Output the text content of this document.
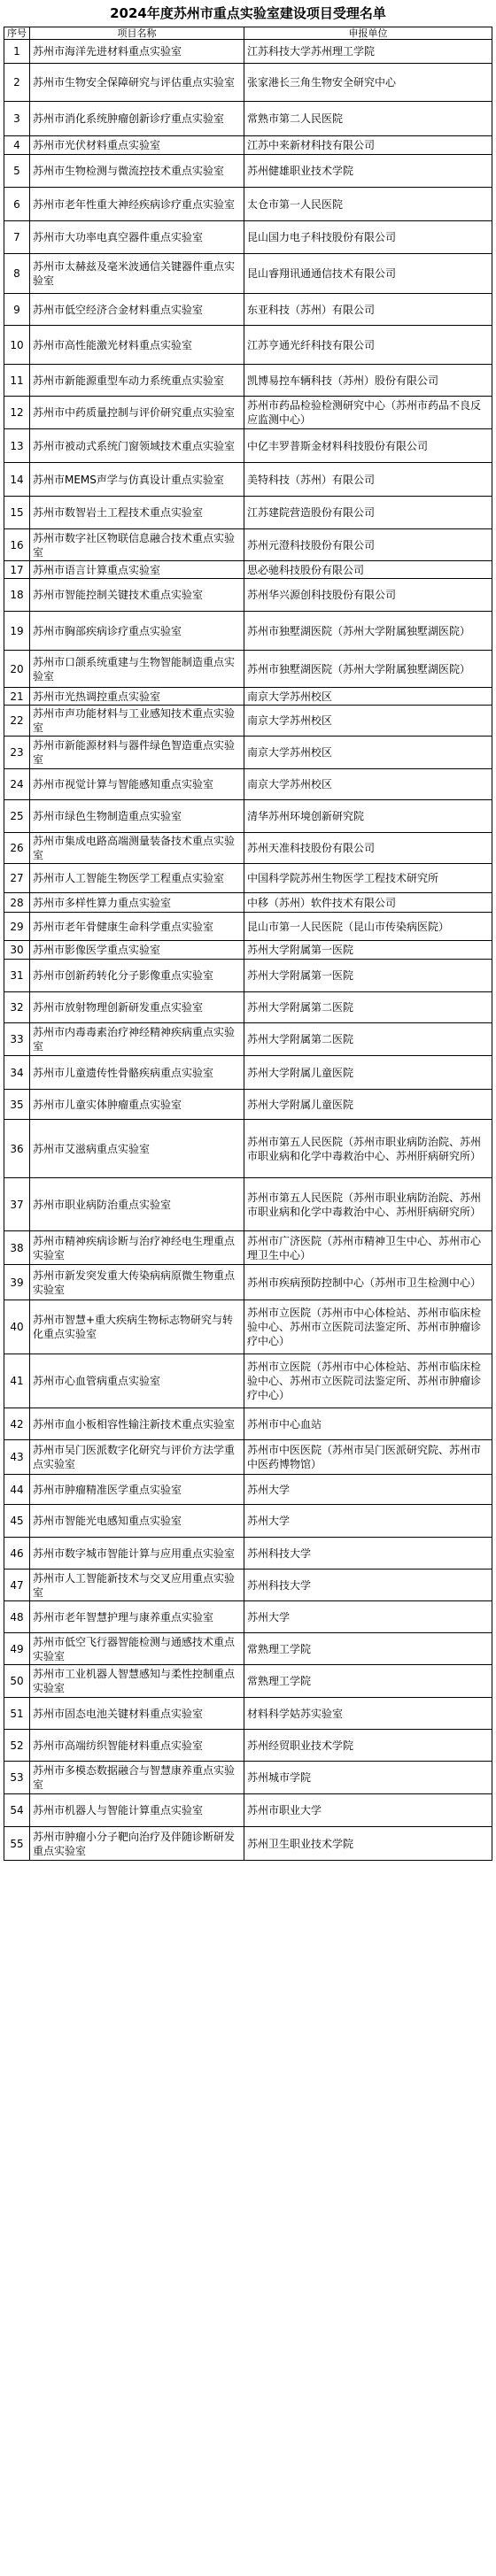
2024年度苏州市重点实验室建设项目受理名单
序号	项目名称	申报单位
1	苏州市海洋先进材料重点实验室	江苏科技大学苏州理工学院
2	苏州市生物安全保障研究与评估重点实验室	张家港长三角生物安全研究中心
3	苏州市消化系统肿瘤创新诊疗重点实验室	常熟市第二人民医院
4	苏州市光伏材料重点实验室	江苏中来新材科技有限公司
5	苏州市生物检测与微流控技术重点实验室	苏州健雄职业技术学院
6	苏州市老年性重大神经疾病诊疗重点实验室	太仓市第一人民医院
7	苏州市大功率电真空器件重点实验室	昆山国力电子科技股份有限公司
8	苏州市太赫兹及毫米波通信关键器件重点实验室	昆山睿翔讯通通信技术有限公司
9	苏州市低空经济合金材料重点实验室	东亚科技（苏州）有限公司
10	苏州市高性能激光材料重点实验室	江苏亨通光纤科技有限公司
11	苏州市新能源重型车动力系统重点实验室	凯博易控车辆科技（苏州）股份有限公司
12	苏州市中药质量控制与评价研究重点实验室	苏州市药品检验检测研究中心（苏州市药品不良反应监测中心）
13	苏州市被动式系统门窗领域技术重点实验室	中亿丰罗普斯金材料科技股份有限公司
14	苏州市MEMS声学与仿真设计重点实验室	美特科技（苏州）有限公司
15	苏州市数智岩土工程技术重点实验室	江苏建院营造股份有限公司
16	苏州市数字社区物联信息融合技术重点实验室	苏州元澄科技股份有限公司
17	苏州市语言计算重点实验室	思必驰科技股份有限公司
18	苏州市智能控制关键技术重点实验室	苏州华兴源创科技股份有限公司
19	苏州市胸部疾病诊疗重点实验室	苏州市独墅湖医院（苏州大学附属独墅湖医院）
20	苏州市口颌系统重建与生物智能制造重点实验室	苏州市独墅湖医院（苏州大学附属独墅湖医院）
21	苏州市光热调控重点实验室	南京大学苏州校区
22	苏州市声功能材料与工业感知技术重点实验室	南京大学苏州校区
23	苏州市新能源材料与器件绿色智造重点实验室	南京大学苏州校区
24	苏州市视觉计算与智能感知重点实验室	南京大学苏州校区
25	苏州市绿色生物制造重点实验室	清华苏州环境创新研究院
26	苏州市集成电路高端测量装备技术重点实验室	苏州天准科技股份有限公司
27	苏州市人工智能生物医学工程重点实验室	中国科学院苏州生物医学工程技术研究所
28	苏州市多样性算力重点实验室	中移（苏州）软件技术有限公司
29	苏州市老年骨健康生命科学重点实验室	昆山市第一人民医院（昆山市传染病医院）
30	苏州市影像医学重点实验室	苏州大学附属第一医院
31	苏州市创新药转化分子影像重点实验室	苏州大学附属第一医院
32	苏州市放射物理创新研发重点实验室	苏州大学附属第二医院
33	苏州市内毒毒素治疗神经精神疾病重点实验室	苏州大学附属第二医院
34	苏州市儿童遗传性骨骼疾病重点实验室	苏州大学附属儿童医院
35	苏州市儿童实体肿瘤重点实验室	苏州大学附属儿童医院
36	苏州市艾滋病重点实验室	苏州市第五人民医院（苏州市职业病防治院、苏州市职业病和化学中毒救治中心、苏州肝病研究所）
37	苏州市职业病防治重点实验室	苏州市第五人民医院（苏州市职业病防治院、苏州市职业病和化学中毒救治中心、苏州肝病研究所）
38	苏州市精神疾病诊断与治疗神经电生理重点实验室	苏州市广济医院（苏州市精神卫生中心、苏州市心理卫生中心）
39	苏州市新发突发重大传染病病原微生物重点实验室	苏州市疾病预防控制中心（苏州市卫生检测中心）
40	苏州市智慧+重大疾病生物标志物研究与转化重点实验室	苏州市立医院（苏州市中心体检站、苏州市临床检验中心、苏州市立医院司法鉴定所、苏州市肿瘤诊疗中心）
41	苏州市心血管病重点实验室	苏州市立医院（苏州市中心体检站、苏州市临床检验中心、苏州市立医院司法鉴定所、苏州市肿瘤诊疗中心）
42	苏州市血小板相容性输注新技术重点实验室	苏州市中心血站
43	苏州市吴门医派数字化研究与评价方法学重点实验室	苏州市中医医院（苏州市吴门医派研究院、苏州市中医药博物馆）
44	苏州市肿瘤精准医学重点实验室	苏州大学
45	苏州市智能光电感知重点实验室	苏州大学
46	苏州市数字城市智能计算与应用重点实验室	苏州科技大学
47	苏州市人工智能新技术与交叉应用重点实验室	苏州科技大学
48	苏州市老年智慧护理与康养重点实验室	苏州大学
49	苏州市低空飞行器智能检测与通感技术重点实验室	常熟理工学院
50	苏州市工业机器人智慧感知与柔性控制重点实验室	常熟理工学院
51	苏州市固态电池关键材料重点实验室	材料科学姑苏实验室
52	苏州市高端纺织智能材料重点实验室	苏州经贸职业技术学院
53	苏州市多模态数据融合与智慧康养重点实验室	苏州城市学院
54	苏州市机器人与智能计算重点实验室	苏州市职业大学
55	苏州市肿瘤小分子靶向治疗及伴随诊断研发重点实验室	苏州卫生职业技术学院
